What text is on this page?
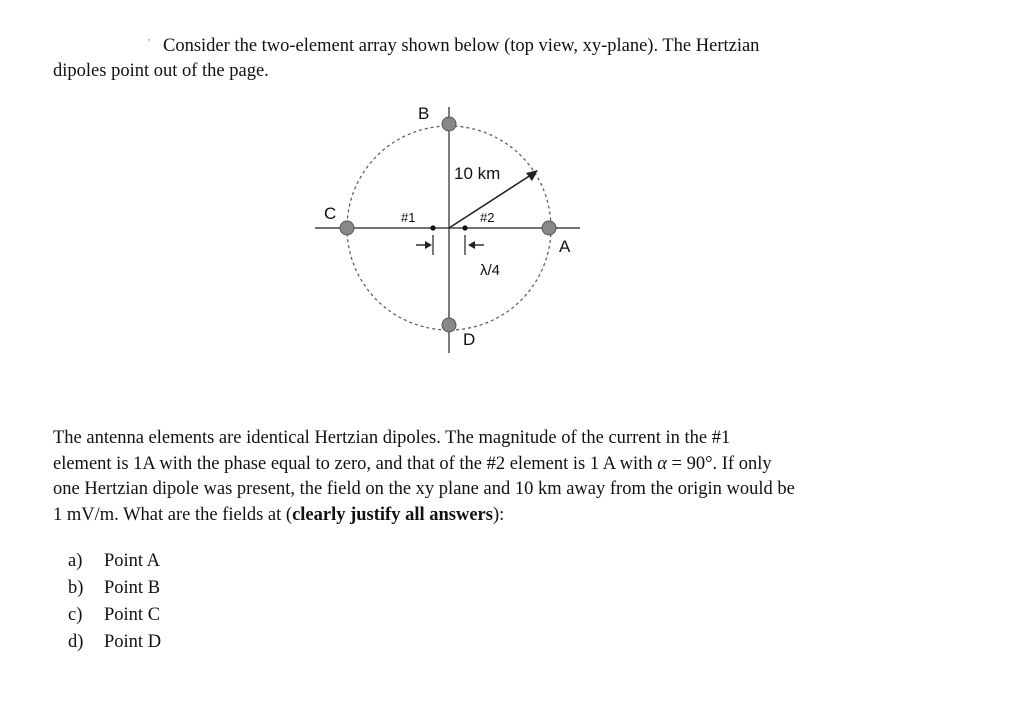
' Consider the two-element array shown below (top view, xy-plane). The Hertzian
dipoles point out of the page.
B
C
A
D
10 km
#1	#2
λ/4
The antenna elements are identical Hertzian dipoles. The magnitude of the current in the #1
element is 1A with the phase equal to zero, and that of the #2 element is 1 A with α = 90°. If only
one Hertzian dipole was present, the field on the xy plane and 10 km away from the origin would be
1 mV/m. What are the fields at (clearly justify all answers):
a)	Point A
b)	Point B
c)	Point C
d)	Point D
